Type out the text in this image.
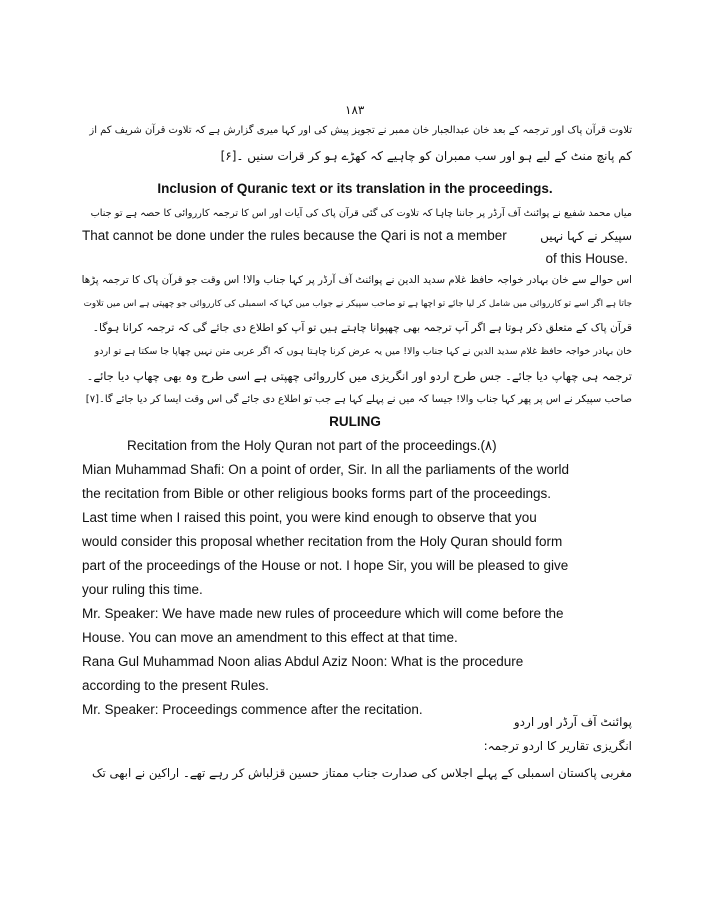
۱۸۳
تلاوت قرآن پاک اور ترجمہ کے بعد خان عبدالجبار خان ممبر نے تجویز پیش کی اور کہا میری گزارش ہے کہ تلاوت قرآن شریف کم از
کم پانچ منٹ کے لیے ہو اور سب ممبران کو چاہیے کہ کھڑے ہو کر قرات سنیں ۔[۶]
Inclusion of Quranic text or its translation in the proceedings.
میاں محمد شفیع نے پوائنٹ آف آرڈر پر جاننا چاہا کہ تلاوت کی گئی قرآن پاک کی آیات اور اس کا ترجمہ کارروائی کا حصہ ہے تو جناب
سپیکر نے کہا نہیں
That cannot be done under the rules because the Qari is not a member
of this House.
اس حوالے سے خان بہادر خواجہ حافظ غلام سدید الدین نے پوائنٹ آف آرڈر پر کہا جناب والا! اس وقت جو قرآن پاک کا ترجمہ پڑھا
جاتا ہے اگر اسے تو کارروائی میں شامل کر لیا جائے تو اچھا ہے تو صاحب سپیکر نے جواب میں کہا کہ اسمبلی کی کارروائی جو چھپتی ہے اس میں تلاوت
قرآن پاک کے متعلق ذکر ہوتا ہے اگر آپ ترجمہ بھی چھپوانا چاہتے ہیں تو آپ کو اطلاع دی جائے گی کہ ترجمہ کرانا ہوگا۔
خان بہادر خواجہ حافظ غلام سدید الدین نے کہا جناب والا! میں یہ عرض کرنا چاہتا ہوں کہ اگر عربی متن نہیں چھاپا جا سکتا ہے تو اردو
ترجمہ ہی چھاپ دیا جائے۔ جس طرح اردو اور انگریزی میں کارروائی چھپتی ہے اسی طرح وہ بھی چھاپ دیا جائے۔
صاحب سپیکر نے اس پر پھر کہا جناب والا! جیسا کہ میں نے پہلے کہا ہے جب تو اطلاع دی جائے گی اس وقت ایسا کر دیا جائے گا۔[۷]
RULING
Recitation from the Holy Quran not part of the proceedings.(۸)
Mian Muhammad Shafi: On a point of order, Sir. In all the parliaments of the world
the recitation from Bible or other religious books forms part of the proceedings.
Last time when I raised this point, you were kind enough to observe that you
would consider this proposal whether recitation from the Holy Quran should form
part of the proceedings of the House or not. I hope Sir, you will be pleased to give
your ruling this time.
Mr. Speaker: We have made new rules of proceedure which will come before the
House. You can move an amendment to this effect at that time.
Rana Gul Muhammad Noon alias Abdul Aziz Noon: What is the procedure
according to the present Rules.
Mr. Speaker: Proceedings commence after the recitation.
پوائنٹ آف آرڈر اور اردو
انگریزی تقاریر کا اردو ترجمہ:
مغربی پاکستان اسمبلی کے پہلے اجلاس کی صدارت جناب ممتاز حسین قزلباش کر رہے تھے۔ اراکین نے ابھی تک
